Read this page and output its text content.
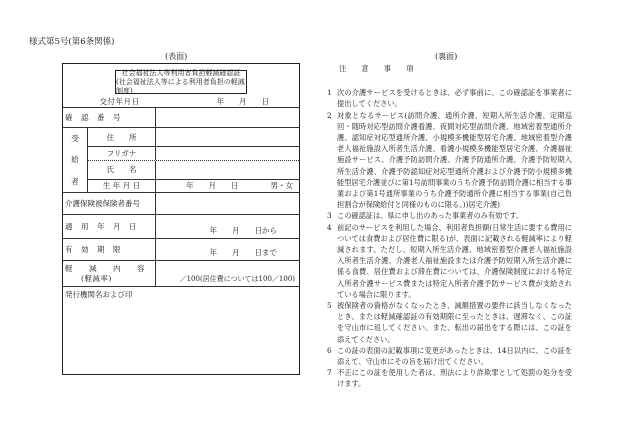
様式第5号(第6条関係)
(表面)	(裏面)
社会福祉法人等利用者負担軽減確認証
(社会福祉法人等による利用者負担の軽減制度)
交付年月日	年　　月　　日
確　認　番　号
受
給
者
住　　所
フリガナ
氏　　名
生 年 月 日	年　　月　　日	男・女
介護保険被保険者番号
適　用　年　月　日	年　　月　　日から
有　効　期　限	年　　月　　日まで
軽　　減　　内　　容
(軽減率)	／100(居住費については100／100)
発行機関名および印
注　意　事　項
1 次の介護サービスを受けるときは、必ず事前に、この確認証を事業者に提出してください。
2 対象となるサービス(訪問介護、通所介護、短期入所生活介護、定期巡回・随時対応型訪問介護看護、夜間対応型訪問介護、地域密着型通所介護、認知症対応型通所介護、小規模多機能型居宅介護、地域密着型介護老人福祉施設入所者生活介護、看護小規模多機能型居宅介護、介護福祉施設サービス、介護予防訪問介護、介護予防通所介護、介護予防短期入所生活介護、介護予防認知症対応型通所介護および介護予防小規模多機能型居宅介護並びに第1号訪問事業のうち介護予防訪問介護に相当する事業および第1号通所事業のうち介護予防通所介護に相当する事業(自己負担割合が保険給付と同様のものに限る。))居宅介護)
3 この確認証は、県に申し出のあった事業者のみ有効です。
4 前記のサービスを利用した場合、利用者負担額(日常生活に要する費用については食費および居住費に限る)が、表面に記載される軽減率により軽減されます。ただし、短期入所生活介護、地域密着型介護老人福祉施設入所者生活介護、介護老人福祉施設または介護予防短期入所生活介護に係る食費、居住費および滞在費については、介護保険制度における特定入所者介護サービス費または特定入所者介護予防サービス費が支給されている場合に限ります。
5 被保険者の資格がなくなったとき、減額措置の要件に該当しなくなったとき、または軽減確認証の有効期限に至ったときは、遅滞なく、この証を守山市に返してください。また、転出の届出をする際には、この証を添えてください。
6 この証の表面の記載事項に変更があったときは、14日以内に、この証を添えて、守山市にその旨を届け出てください。
7 不正にこの証を使用した者は、刑法により詐欺罪として処罰の処分を受けます。
